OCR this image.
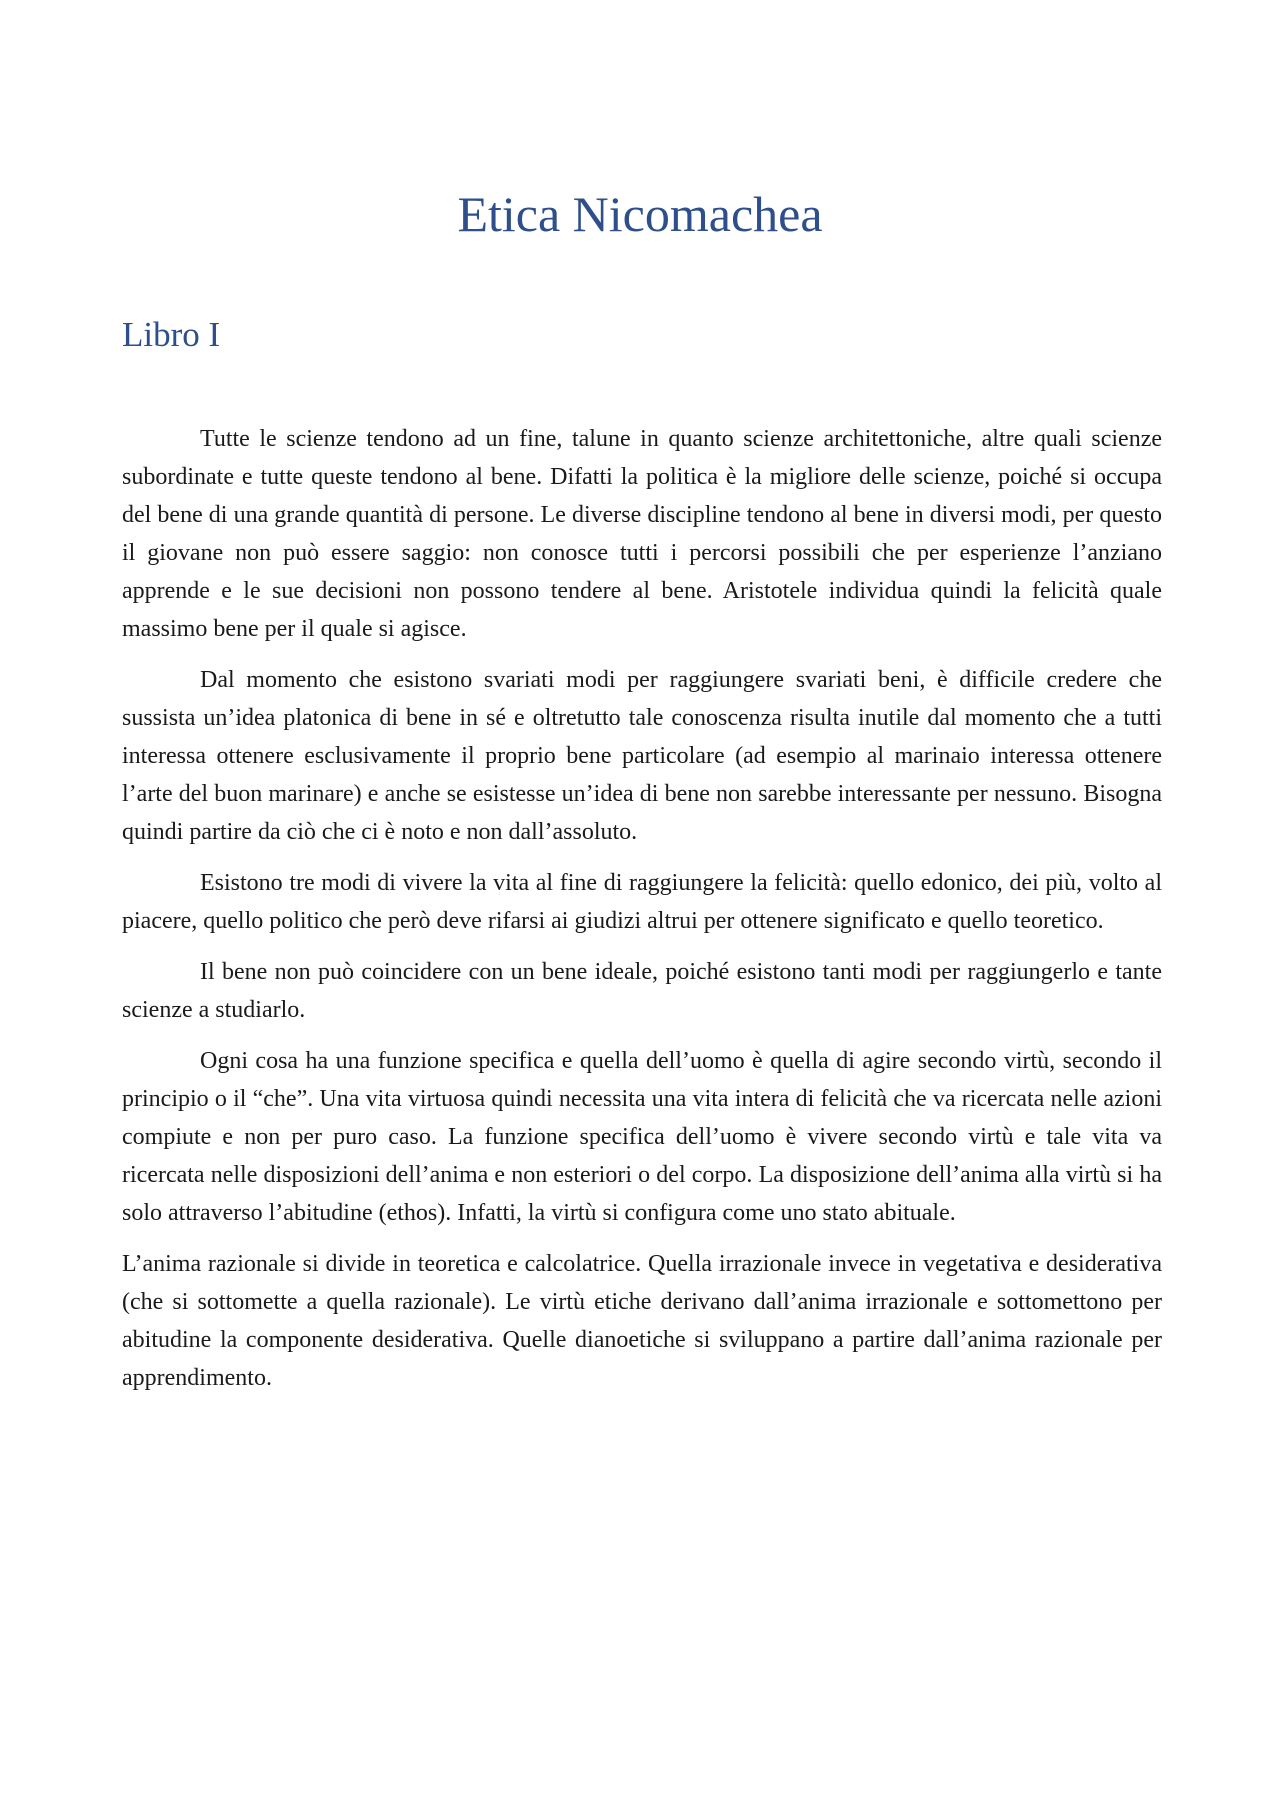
Etica Nicomachea
Libro I

Tutte le scienze tendono ad un fine, talune in quanto scienze architettoniche, altre quali scienze subordinate e tutte queste tendono al bene. Difatti la politica è la migliore delle scienze, poiché si occupa del bene di una grande quantità di persone. Le diverse discipline tendono al bene in diversi modi, per questo il giovane non può essere saggio: non conosce tutti i percorsi possibili che per esperienze l’anziano apprende e le sue decisioni non possono tendere al bene. Aristotele individua quindi la felicità quale massimo bene per il quale si agisce.

Dal momento che esistono svariati modi per raggiungere svariati beni, è difficile credere che sussista un’idea platonica di bene in sé e oltretutto tale conoscenza risulta inutile dal momento che a tutti interessa ottenere esclusivamente il proprio bene particolare (ad esempio al marinaio interessa ottenere l’arte del buon marinare) e anche se esistesse un’idea di bene non sarebbe interessante per nessuno. Bisogna quindi partire da ciò che ci è noto e non dall’assoluto.

Esistono tre modi di vivere la vita al fine di raggiungere la felicità: quello edonico, dei più, volto al piacere, quello politico che però deve rifarsi ai giudizi altrui per ottenere significato e quello teoretico.

Il bene non può coincidere con un bene ideale, poiché esistono tanti modi per raggiungerlo e tante scienze a studiarlo.

Ogni cosa ha una funzione specifica e quella dell’uomo è quella di agire secondo virtù, secondo il principio o il “che”. Una vita virtuosa quindi necessita una vita intera di felicità che va ricercata nelle azioni compiute e non per puro caso. La funzione specifica dell’uomo è vivere secondo virtù e tale vita va ricercata nelle disposizioni dell’anima e non esteriori o del corpo. La disposizione dell’anima alla virtù si ha solo attraverso l’abitudine (ethos). Infatti, la virtù si configura come uno stato abituale.

L’anima razionale si divide in teoretica e calcolatrice. Quella irrazionale invece in vegetativa e desiderativa (che si sottomette a quella razionale). Le virtù etiche derivano dall’anima irrazionale e sottomettono per abitudine la componente desiderativa. Quelle dianoetiche si sviluppano a partire dall’anima razionale per apprendimento.
